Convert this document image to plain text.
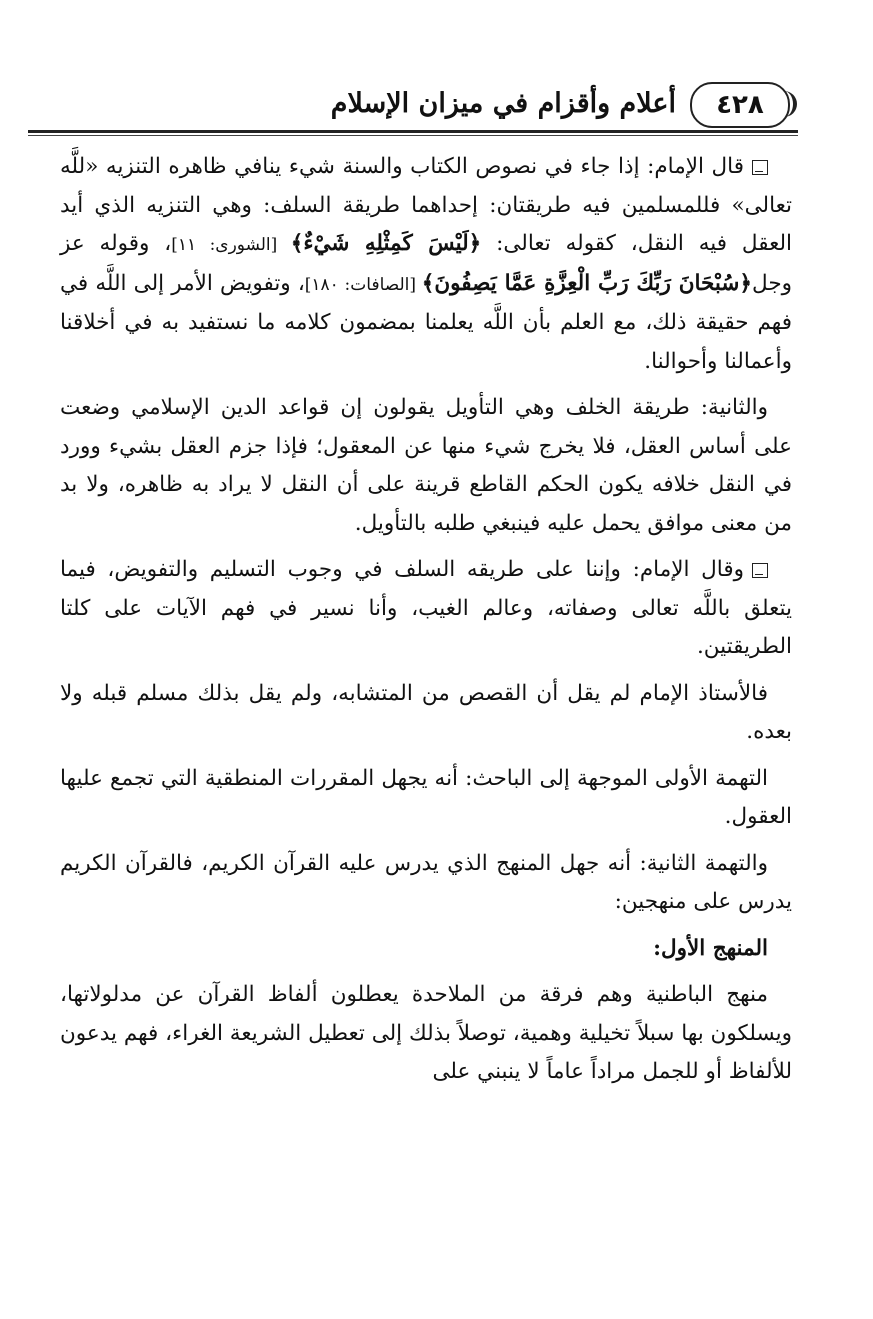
٤٢٨
أعلام وأقزام في ميزان الإسلام

قال الإمام: إذا جاء في نصوص الكتاب والسنة شيء ينافي ظاهره التنزيه «للَّه تعالى» فللمسلمين فيه طريقتان: إحداهما طريقة السلف: وهي التنزيه الذي أيد العقل فيه النقل، كقوله تعالى: ﴿لَيْسَ كَمِثْلِهِ شَيْءٌ﴾ [الشورى: ١١]، وقوله عز وجل﴿سُبْحَانَ رَبِّكَ رَبِّ الْعِزَّةِ عَمَّا يَصِفُونَ﴾ [الصافات: ١٨٠]، وتفويض الأمر إلى اللَّه في فهم حقيقة ذلك، مع العلم بأن اللَّه يعلمنا بمضمون كلامه ما نستفيد به في أخلاقنا وأعمالنا وأحوالنا.

والثانية: طريقة الخلف وهي التأويل يقولون إن قواعد الدين الإسلامي وضعت على أساس العقل، فلا يخرج شيء منها عن المعقول؛ فإذا جزم العقل بشيء وورد في النقل خلافه يكون الحكم القاطع قرينة على أن النقل لا يراد به ظاهره، ولا بد من معنى موافق يحمل عليه فينبغي طلبه بالتأويل.

وقال الإمام: وإننا على طريقه السلف في وجوب التسليم والتفويض، فيما يتعلق باللَّه تعالى وصفاته، وعالم الغيب، وأنا نسير في فهم الآيات على كلتا الطريقتين.

فالأستاذ الإمام لم يقل أن القصص من المتشابه، ولم يقل بذلك مسلم قبله ولا بعده.

التهمة الأولى الموجهة إلى الباحث: أنه يجهل المقررات المنطقية التي تجمع عليها العقول.

والتهمة الثانية: أنه جهل المنهج الذي يدرس عليه القرآن الكريم، فالقرآن الكريم يدرس على منهجين:

المنهج الأول:

منهج الباطنية وهم فرقة من الملاحدة يعطلون ألفاظ القرآن عن مدلولاتها، ويسلكون بها سبلاً تخيلية وهمية، توصلاً بذلك إلى تعطيل الشريعة الغراء، فهم يدعون للألفاظ أو للجمل مراداً عاماً لا ينبني على
